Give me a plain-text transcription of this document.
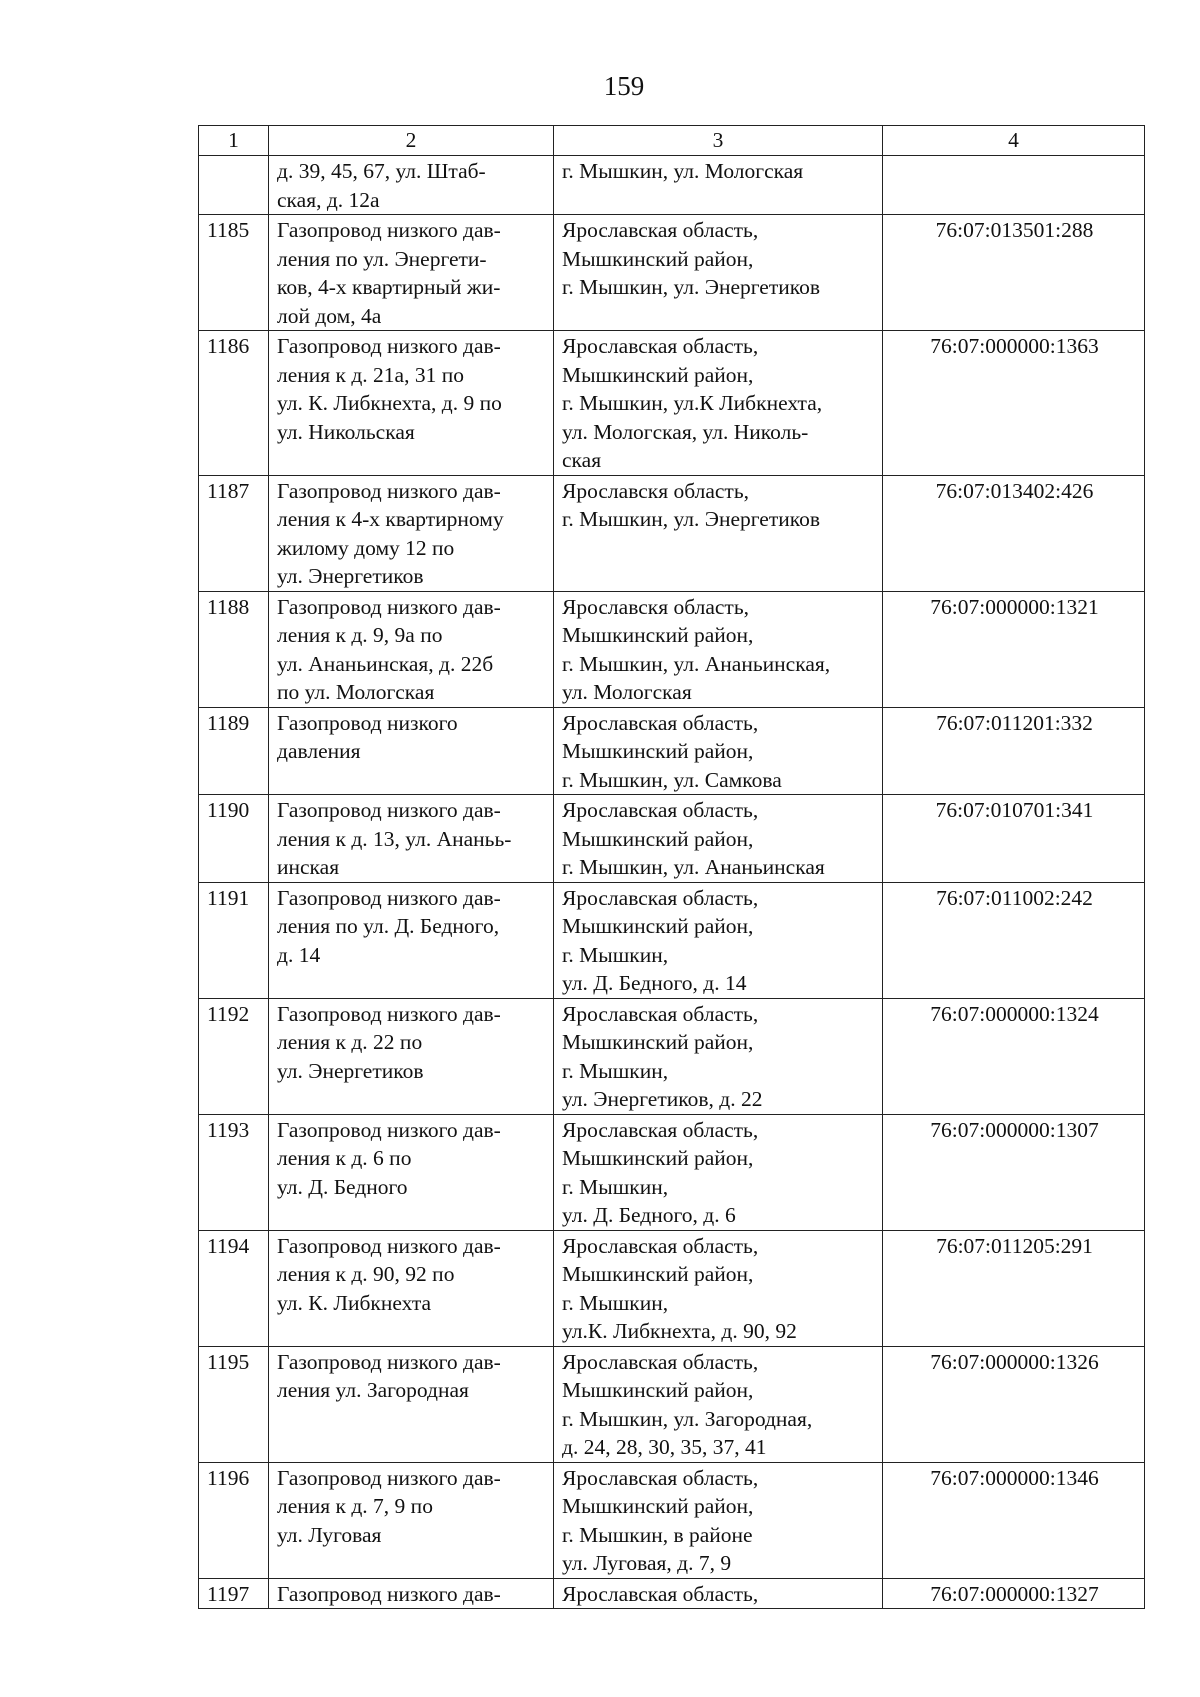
159
1	2	3	4
	д. 39, 45, 67, ул. Штаб-
ская, д. 12а	г. Мышкин, ул. Мологская	
1185	Газопровод низкого дав-
ления по ул. Энергети-
ков, 4-х квартирный жи-
лой дом, 4а	Ярославская область,
Мышкинский район,
г. Мышкин, ул. Энергетиков	76:07:013501:288
1186	Газопровод низкого дав-
ления к д. 21а, 31 по
ул. К. Либкнехта, д. 9 по
ул. Никольская	Ярославская область,
Мышкинский район,
г. Мышкин, ул.К Либкнехта,
ул. Мологская, ул. Николь-
ская	76:07:000000:1363
1187	Газопровод низкого дав-
ления к 4-х квартирному
жилому дому 12 по
ул. Энергетиков	Ярославскя область,
г. Мышкин, ул. Энергетиков	76:07:013402:426
1188	Газопровод низкого дав-
ления к д. 9, 9а по
ул. Ананьинская, д. 22б
по ул. Мологская	Ярославскя область,
Мышкинский район,
г. Мышкин, ул. Ананьинская,
ул. Мологская	76:07:000000:1321
1189	Газопровод низкого
давления	Ярославская область,
Мышкинский район,
г. Мышкин, ул. Самкова	76:07:011201:332
1190	Газопровод низкого дав-
ления к д. 13, ул. Ананьь-
инская	Ярославская область,
Мышкинский район,
г. Мышкин, ул. Ананьинская	76:07:010701:341
1191	Газопровод низкого дав-
ления по ул. Д. Бедного,
д. 14	Ярославская область,
Мышкинский район,
г. Мышкин,
ул. Д. Бедного, д. 14	76:07:011002:242
1192	Газопровод низкого дав-
ления к д. 22 по
ул. Энергетиков	Ярославская область,
Мышкинский район,
г. Мышкин,
ул. Энергетиков, д. 22	76:07:000000:1324
1193	Газопровод низкого дав-
ления к д. 6 по
ул. Д. Бедного	Ярославская область,
Мышкинский район,
г. Мышкин,
ул. Д. Бедного, д. 6	76:07:000000:1307
1194	Газопровод низкого дав-
ления к д. 90, 92 по
ул. К. Либкнехта	Ярославская область,
Мышкинский район,
г. Мышкин,
ул.К. Либкнехта, д. 90, 92	76:07:011205:291
1195	Газопровод низкого дав-
ления ул. Загородная	Ярославская область,
Мышкинский район,
г. Мышкин, ул. Загородная,
д. 24, 28, 30, 35, 37, 41	76:07:000000:1326
1196	Газопровод низкого дав-
ления к д. 7, 9 по
ул. Луговая	Ярославская область,
Мышкинский район,
г. Мышкин, в районе
ул. Луговая, д. 7, 9	76:07:000000:1346
1197	Газопровод низкого дав-	Ярославская область,	76:07:000000:1327
